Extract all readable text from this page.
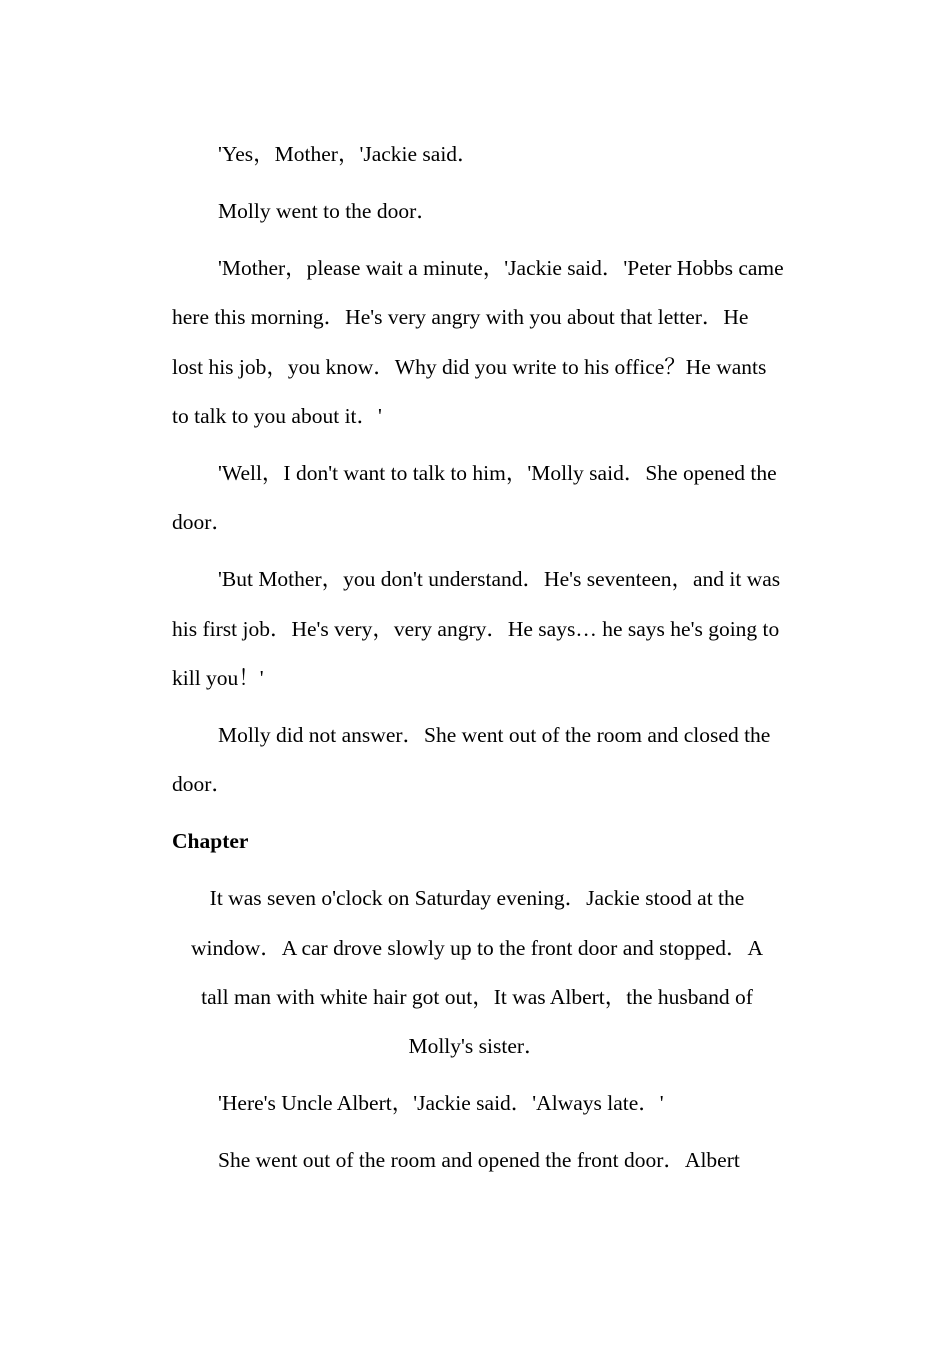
'Yes，Mother，'Jackie said．

Molly went to the door．

'Mother，please wait a minute，'Jackie said．'Peter Hobbs came here this morning．He's very angry with you about that letter．He lost his job，you know．Why did you write to his office？He wants to talk to you about it．'

'Well，I don't want to talk to him，'Molly said．She opened the door．

'But Mother，you don't understand．He's seventeen，and it was his first job．He's very，very angry．He says… he says he's going to kill you！'

Molly did not answer．She went out of the room and closed the door．

Chapter

It was seven o'clock on Saturday evening．Jackie stood at the window．A car drove slowly up to the front door and stopped．A tall man with white hair got out，It was Albert，the husband of Molly's sister．

'Here's Uncle Albert，'Jackie said．'Always late．'

She went out of the room and opened the front door．Albert
